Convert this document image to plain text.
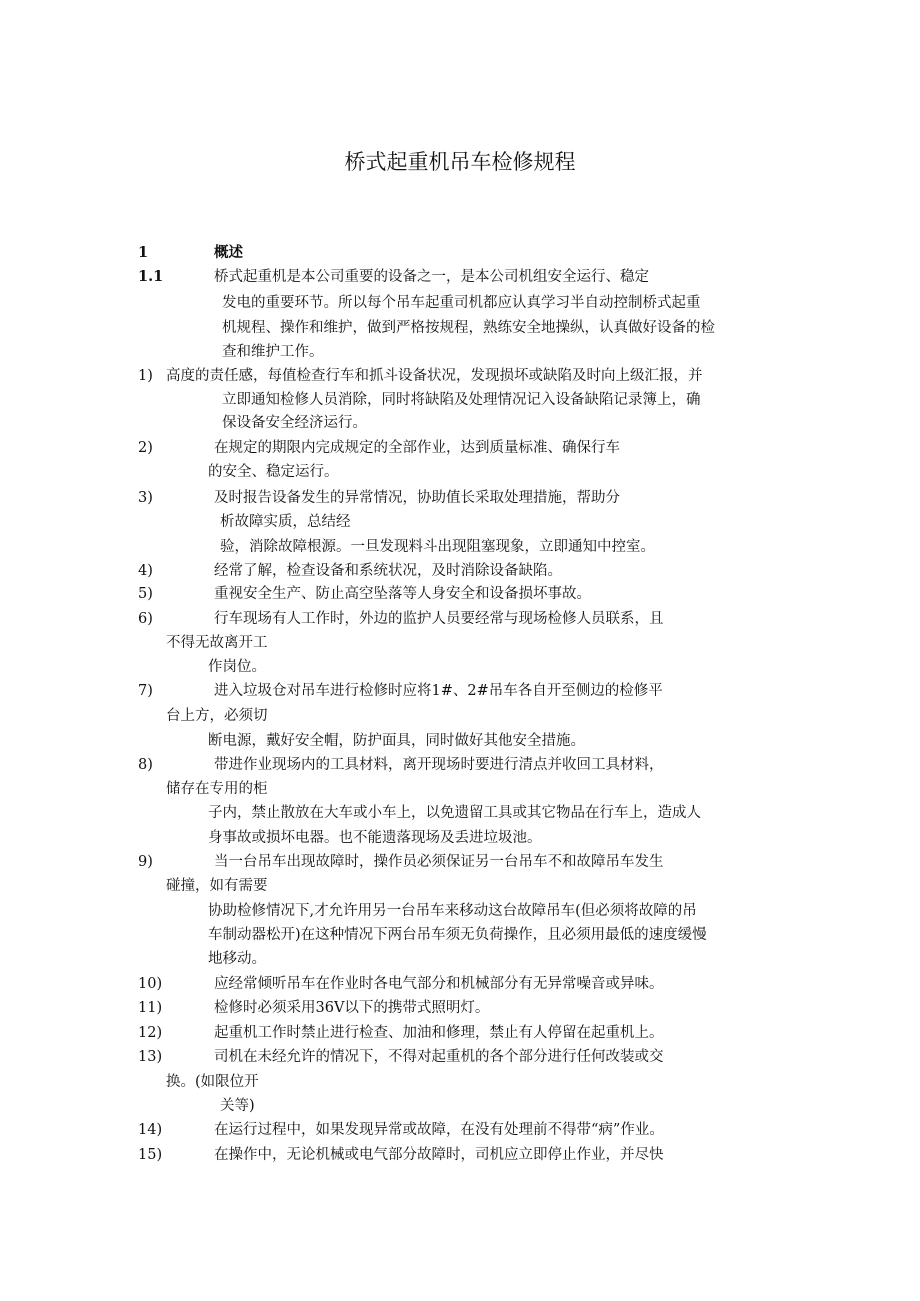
桥式起重机吊车检修规程
1	概述
1.1	桥式起重机是本公司重要的设备之一，是本公司机组安全运行、稳定
发电的重要环节。所以每个吊车起重司机都应认真学习半自动控制桥式起重
机规程、操作和维护，做到严格按规程，熟练安全地操纵，认真做好设备的检
查和维护工作。
1) 高度的责任感，每值检查行车和抓斗设备状况，发现损坏或缺陷及时向上级汇报，并
立即通知检修人员消除，同时将缺陷及处理情况记入设备缺陷记录簿上，确
保设备安全经济运行。
2)	在规定的期限内完成规定的全部作业，达到质量标准、确保行车
的安全、稳定运行。
3)	及时报告设备发生的异常情况，协助值长采取处理措施，帮助分
析故障实质，总结经
验，消除故障根源。一旦发现料斗出现阻塞现象，立即通知中控室。
4)	经常了解，检查设备和系统状况，及时消除设备缺陷。
5)	重视安全生产、防止高空坠落等人身安全和设备损坏事故。
6)	行车现场有人工作时，外边的监护人员要经常与现场检修人员联系，且
不得无故离开工
作岗位。
7)	进入垃圾仓对吊车进行检修时应将1#、2#吊车各自开至侧边的检修平
台上方，必须切
断电源，戴好安全帽，防护面具，同时做好其他安全措施。
8)	带进作业现场内的工具材料，离开现场时要进行清点并收回工具材料，
储存在专用的柜
子内，禁止散放在大车或小车上，以免遗留工具或其它物品在行车上，造成人
身事故或损坏电器。也不能遗落现场及丢进垃圾池。
9)	当一台吊车出现故障时，操作员必须保证另一台吊车不和故障吊车发生
碰撞，如有需要
协助检修情况下,才允许用另一台吊车来移动这台故障吊车(但必须将故障的吊
车制动器松开)在这种情况下两台吊车须无负荷操作，且必须用最低的速度缓慢
地移动。
10)	应经常倾听吊车在作业时各电气部分和机械部分有无异常噪音或异味。
11)	检修时必须采用36V以下的携带式照明灯。
12)	起重机工作时禁止进行检查、加油和修理，禁止有人停留在起重机上。
13)	司机在未经允许的情况下，不得对起重机的各个部分进行任何改装或交
换。(如限位开
关等)
14)	在运行过程中，如果发现异常或故障，在没有处理前不得带“病”作业。
15)	在操作中，无论机械或电气部分故障时，司机应立即停止作业，并尽快
